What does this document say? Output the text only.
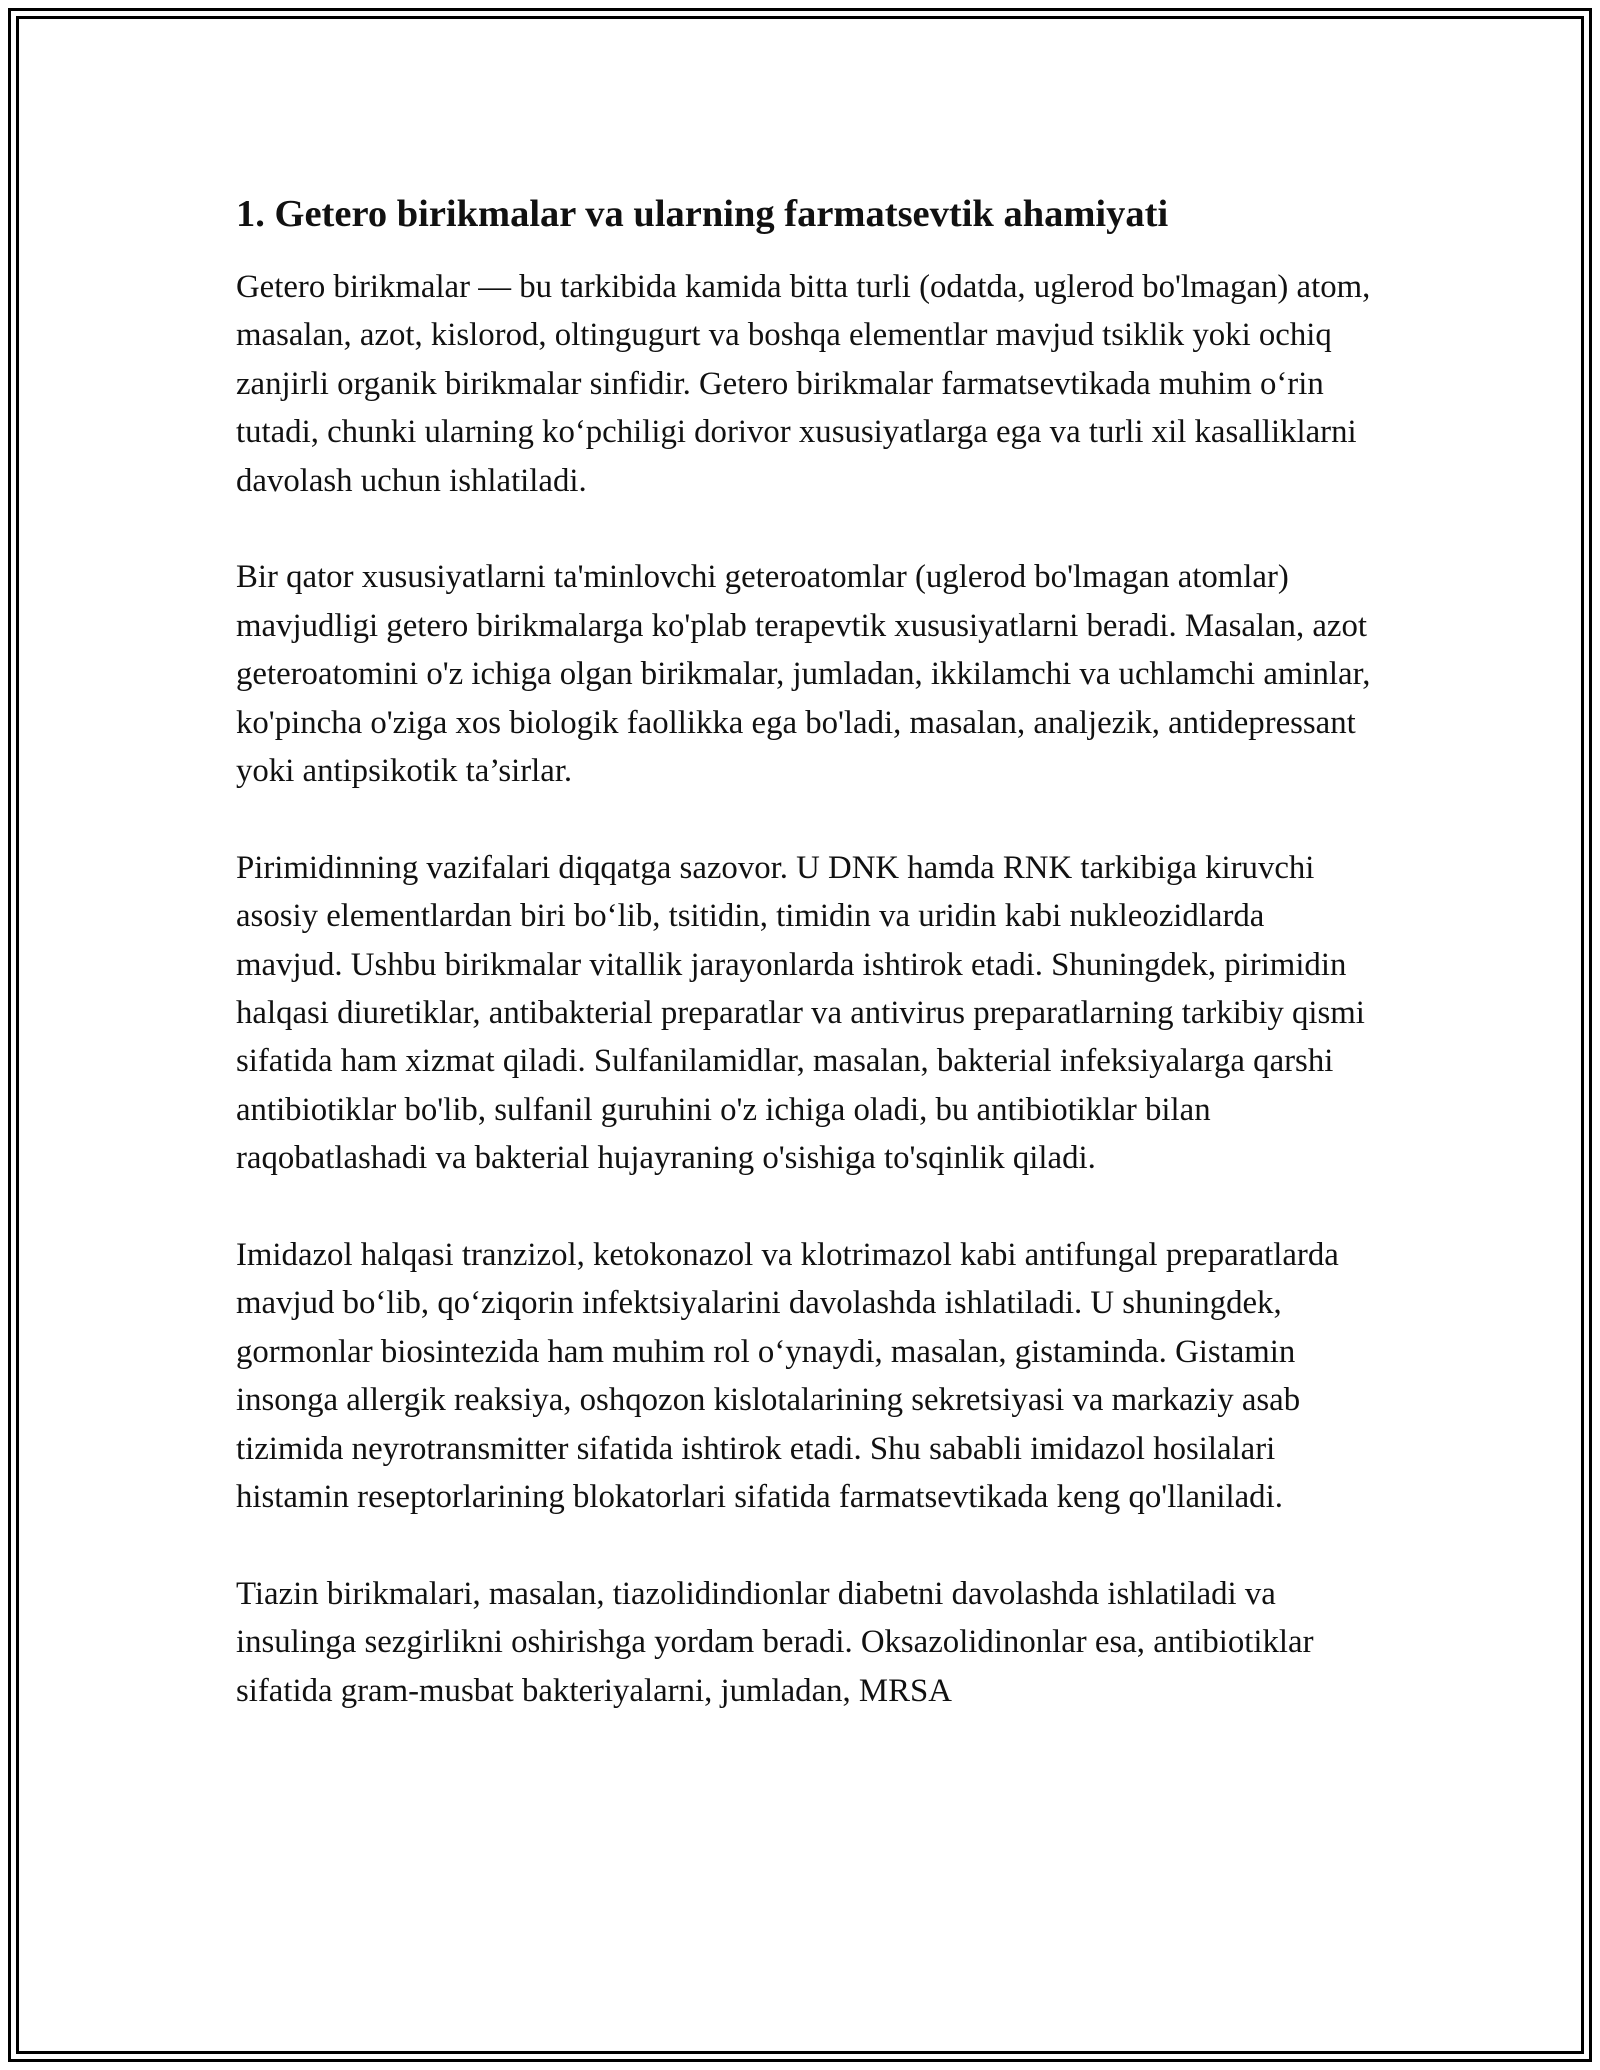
1. Getero birikmalar va ularning farmatsevtik ahamiyati

Getero birikmalar — bu tarkibida kamida bitta turli (odatda, uglerod bo'lmagan) atom, masalan, azot, kislorod, oltingugurt va boshqa elementlar mavjud tsiklik yoki ochiq zanjirli organik birikmalar sinfidir. Getero birikmalar farmatsevtikada muhim o‘rin tutadi, chunki ularning ko‘pchiligi dorivor xususiyatlarga ega va turli xil kasalliklarni davolash uchun ishlatiladi.

Bir qator xususiyatlarni ta'minlovchi geteroatomlar (uglerod bo'lmagan atomlar) mavjudligi getero birikmalarga ko'plab terapevtik xususiyatlarni beradi. Masalan, azot geteroatomini o'z ichiga olgan birikmalar, jumladan, ikkilamchi va uchlamchi aminlar, ko'pincha o'ziga xos biologik faollikka ega bo'ladi, masalan, analjezik, antidepressant yoki antipsikotik ta’sirlar.

Pirimidinning vazifalari diqqatga sazovor. U DNK hamda RNK tarkibiga kiruvchi asosiy elementlardan biri bo‘lib, tsitidin, timidin va uridin kabi nukleozidlarda mavjud. Ushbu birikmalar vitallik jarayonlarda ishtirok etadi. Shuningdek, pirimidin halqasi diuretiklar, antibakterial preparatlar va antivirus preparatlarning tarkibiy qismi sifatida ham xizmat qiladi. Sulfanilamidlar, masalan, bakterial infeksiyalarga qarshi antibiotiklar bo'lib, sulfanil guruhini o'z ichiga oladi, bu antibiotiklar bilan raqobatlashadi va bakterial hujayraning o'sishiga to'sqinlik qiladi.

Imidazol halqasi tranzizol, ketokonazol va klotrimazol kabi antifungal preparatlarda mavjud bo‘lib, qo‘ziqorin infektsiyalarini davolashda ishlatiladi. U shuningdek, gormonlar biosintezida ham muhim rol o‘ynaydi, masalan, gistaminda. Gistamin insonga allergik reaksiya, oshqozon kislotalarining sekretsiyasi va markaziy asab tizimida neyrotransmitter sifatida ishtirok etadi. Shu sababli imidazol hosilalari histamin reseptorlarining blokatorlari sifatida farmatsevtikada keng qo'llaniladi.

Tiazin birikmalari, masalan, tiazolidindionlar diabetni davolashda ishlatiladi va insulinga sezgirlikni oshirishga yordam beradi. Oksazolidinonlar esa, antibiotiklar sifatida gram-musbat bakteriyalarni, jumladan, MRSA
